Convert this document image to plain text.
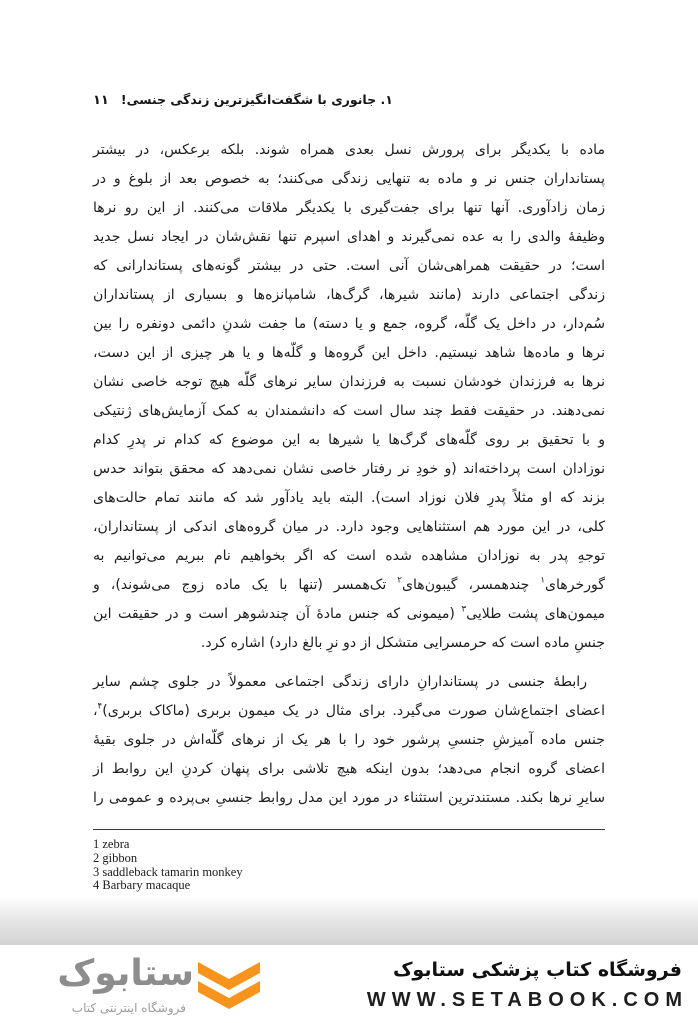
۱. جانوری با شگفت‌انگیزترین زندگی جنسی!
۱۱
ماده با یکدیگر برای پرورش نسل بعدی همراه شوند. بلکه برعکس، در بیشتر
پستانداران جنس نر و ماده به تنهایی زندگی می‌کنند؛ به خصوص بعد از بلوغ و در
زمان زادآوری. آنها تنها برای جفت‌گیری با یکدیگر ملاقات می‌کنند. از این رو نرها
وظیفهٔ والدی را به عده نمی‌گیرند و اهدای اسپرم تنها نقش‌شان در ایجاد نسل جدید
است؛ در حقیقت همراهی‌شان آنی است. حتی در بیشتر گونه‌های پستاندارانی که
زندگی اجتماعی دارند (مانند شیرها، گرگ‌ها، شامپانزه‌ها و بسیاری از پستانداران
سُم‌دار، در داخل یک گلّه، گروه، جمع و یا دسته) ما جفت شدنِ دائمی دونفره را بین
نرها و ماده‌ها شاهد نیستیم. داخل این گروه‌ها و گلّه‌ها و یا هر چیزی از این دست،
نرها به فرزندان خودشان نسبت به فرزندان سایر نرهای گلّه هیچ توجه خاصی نشان
نمی‌دهند. در حقیقت فقط چند سال است که دانشمندان به کمک آزمایش‌های ژنتیکی
و با تحقیق بر روی گلّه‌های گرگ‌ها یا شیرها به این موضوع که کدام نر پدرِ کدام
نوزادان است پرداخته‌اند (و خودِ نر رفتار خاصی نشان نمی‌دهد که محقق بتواند حدس
بزند که او مثلاً پدرِ فلان نوزاد است). البته باید یادآور شد که مانند تمام حالت‌های
کلی، در این مورد هم استثناهایی وجود دارد. در میان گروه‌های اندکی از پستانداران،
توجهِ پدر به نوزادان مشاهده شده است که اگر بخواهیم نام ببریم می‌توانیم به
گورخرهای$^۱$ چندهمسر، گیبون‌های$^۲$ تک‌همسر (تنها با یک ماده زوج می‌شوند)، و
میمون‌های پشت طلایی$^۳$ (میمونی که جنس مادهٔ آن چندشوهر است و در حقیقت این
جنسِ ماده است که حرمسرایی متشکل از دو نرِ بالغ دارد) اشاره کرد.
رابطهٔ جنسی در پستاندارانِ دارای زندگی اجتماعی معمولاً در جلوی چشم سایر
اعضای اجتماع‌شان صورت می‌گیرد. برای مثال در یک میمون بربری (ماکاک بربری)$^۴$،
جنس ماده آمیزشِ جنسیِ پرشور خود را با هر یک از نرهای گلّه‌اش در جلوی بقیهٔ
اعضای گروه انجام می‌دهد؛ بدون اینکه هیچ تلاشی برای پنهان کردنِ این روابط از
سایرِ نرها بکند. مستندترین استثناء در مورد این مدل روابط جنسیِ بی‌پرده و عمومی را
1 zebra
2 gibbon
3 saddleback tamarin monkey
4 Barbary macaque
ستابوک
فروشگاه اینترنتی کتاب
فروشگاه کتاب پزشکی ستابوک
WWW.SETABOOK.COM
